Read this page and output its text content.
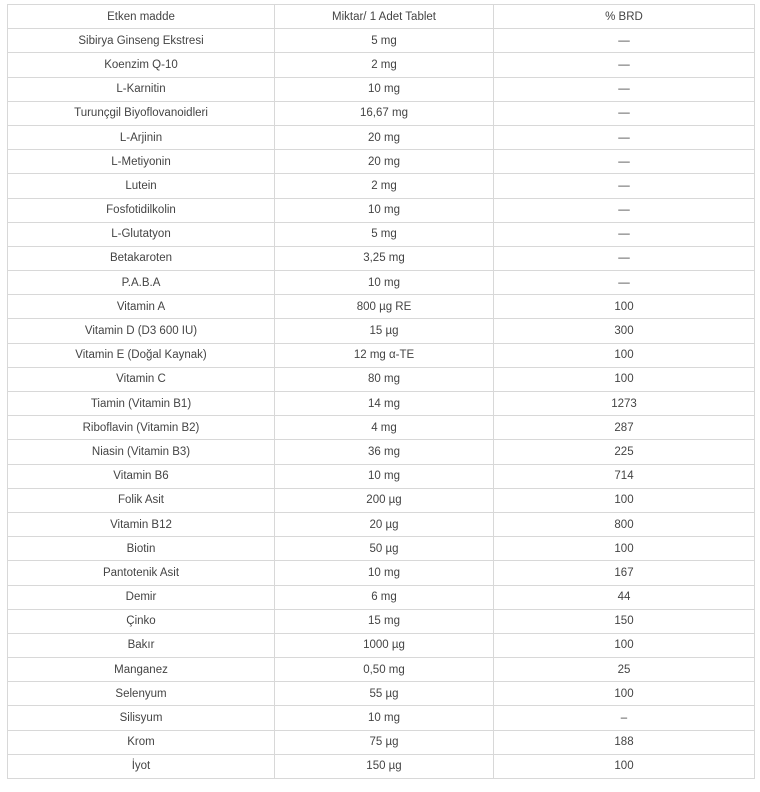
Etken madde	Miktar/ 1 Adet Tablet	% BRD
Sibirya Ginseng Ekstresi	5 mg	—
Koenzim Q-10	2 mg	—
L-Karnitin	10 mg	—
Turunçgil Biyoflovanoidleri	16,67 mg	—
L-Arjinin	20 mg	—
L-Metiyonin	20 mg	—
Lutein	2 mg	—
Fosfotidilkolin	10 mg	—
L-Glutatyon	5 mg	—
Betakaroten	3,25 mg	—
P.A.B.A	10 mg	—
Vitamin A	800 µg RE	100
Vitamin D (D3 600 IU)	15 µg	300
Vitamin E (Doğal Kaynak)	12 mg α-TE	100
Vitamin C	80 mg	100
Tiamin (Vitamin B1)	14 mg	1273
Riboflavin (Vitamin B2)	4 mg	287
Niasin (Vitamin B3)	36 mg	225
Vitamin B6	10 mg	714
Folik Asit	200 µg	100
Vitamin B12	20 µg	800
Biotin	50 µg	100
Pantotenik Asit	10 mg	167
Demir	6 mg	44
Çinko	15 mg	150
Bakır	1000 µg	100
Manganez	0,50 mg	25
Selenyum	55 µg	100
Silisyum	10 mg	–
Krom	75 µg	188
İyot	150 µg	100
